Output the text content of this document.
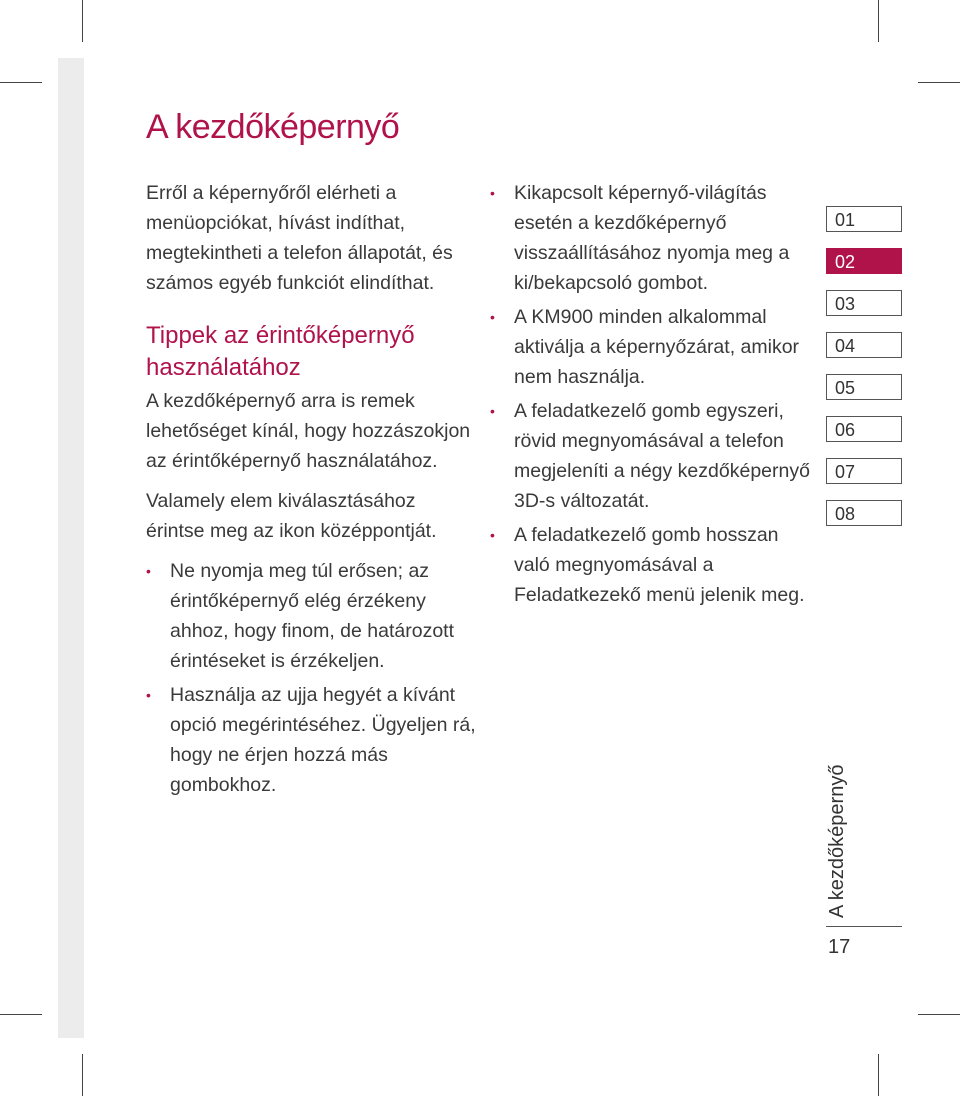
A kezdőképernyő

Erről a képernyőről elérheti a menüopciókat, hívást indíthat, megtekintheti a telefon állapotát, és számos egyéb funkciót elindíthat.

Tippek az érintőképernyő használatához

A kezdőképernyő arra is remek lehetőséget kínál, hogy hozzászokjon az érintőképernyő használatához.

Valamely elem kiválasztásához érintse meg az ikon középpontját.

• Ne nyomja meg túl erősen; az érintőképernyő elég érzékeny ahhoz, hogy finom, de határozott érintéseket is érzékeljen.
• Használja az ujja hegyét a kívánt opció megérintéséhez. Ügyeljen rá, hogy ne érjen hozzá más gombokhoz.
• Kikapcsolt képernyő-világítás esetén a kezdőképernyő visszaállításához nyomja meg a ki/bekapcsoló gombot.
• A KM900 minden alkalommal aktiválja a képernyőzárat, amikor nem használja.
• A feladatkezelő gomb egyszeri, rövid megnyomásával a telefon megjeleníti a négy kezdőképernyő 3D-s változatát.
• A feladatkezelő gomb hosszan való megnyomásával a Feladatkezekő menü jelenik meg.
01
02
03
04
05
06
07
08
A kezdőképernyő
17
